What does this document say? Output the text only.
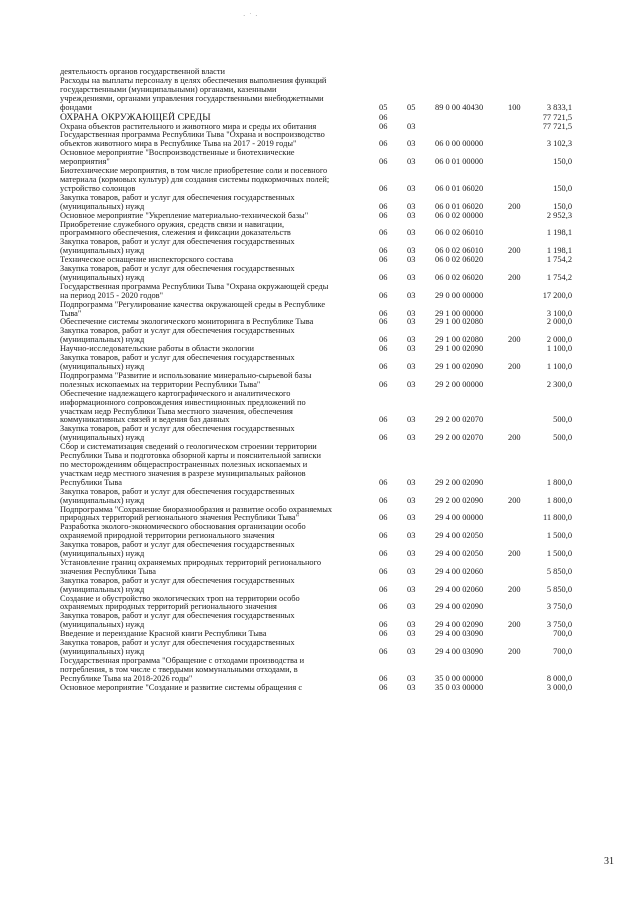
· ˙ ·
деятельность органов государственной власти
Расходы на выплаты персоналу в целях обеспечения выполнения функций
государственными (муниципальными) органами, казенными
учреждениями, органами управления государственными внебюджетными
фондами	05 05 89 0 00 40430	100	3 833,1
ОХРАНА ОКРУЖАЮЩЕЙ СРЕДЫ	06	77 721,5
Охрана объектов растительного и животного мира и среды их обитания	06 03	77 721,5
Государственная программа Республики Тыва "Охрана и воспроизводство
объектов животного мира в Республике Тыва на 2017 - 2019 годы"	06 03 06 0 00 00000	3 102,3
Основное мероприятие "Воспроизводственные и биотехнические
мероприятия"	06 03 06 0 01 00000	150,0
Биотехнические мероприятия, в том числе приобретение соли и посевного
материала (кормовых культур) для создания системы подкормочных полей;
устройство солонцов	06 03 06 0 01 06020	150,0
Закупка товаров, работ и услуг для обеспечения государственных
(муниципальных) нужд	06 03 06 0 01 06020	200	150,0
Основное мероприятие "Укрепление материально-технической базы"	06 03 06 0 02 00000	2 952,3
Приобретение служебного оружия, средств связи и навигации,
программного обеспечения, слежения и фиксации доказательств	06 03 06 0 02 06010	1 198,1
Закупка товаров, работ и услуг для обеспечения государственных
(муниципальных) нужд	06 03 06 0 02 06010	200	1 198,1
Техническое оснащение инспекторского состава	06 03 06 0 02 06020	1 754,2
Закупка товаров, работ и услуг для обеспечения государственных
(муниципальных) нужд	06 03 06 0 02 06020	200	1 754,2
Государственная программа Республики Тыва "Охрана окружающей среды
на период 2015 - 2020 годов"	06 03 29 0 00 00000	17 200,0
Подпрограмма "Регулирование качества окружающей среды в Республике
Тыва"	06 03 29 1 00 00000	3 100,0
Обеспечение системы экологического мониторинга в Республике Тыва	06 03 29 1 00 02080	2 000,0
Закупка товаров, работ и услуг для обеспечения государственных
(муниципальных) нужд	06 03 29 1 00 02080	200	2 000,0
Научно-исследовательские работы в области экологии	06 03 29 1 00 02090	1 100,0
Закупка товаров, работ и услуг для обеспечения государственных
(муниципальных) нужд	06 03 29 1 00 02090	200	1 100,0
Подпрограмма "Развитие и использование минерально-сырьевой базы
полезных ископаемых на территории Республики Тыва"	06 03 29 2 00 00000	2 300,0
Обеспечение надлежащего картографического и аналитического
информационного сопровождения инвестиционных предложений по
участкам недр Республики Тыва местного значения, обеспечения
коммуникативных связей и ведения баз данных	06 03 29 2 00 02070	500,0
Закупка товаров, работ и услуг для обеспечения государственных
(муниципальных) нужд	06 03 29 2 00 02070	200	500,0
Сбор и систематизация сведений о геологическом строении территории
Республики Тыва и подготовка обзорной карты и пояснительной записки
по месторождениям общераспространенных полезных ископаемых и
участкам недр местного значения в разрезе муниципальных районов
Республики Тыва	06 03 29 2 00 02090	1 800,0
Закупка товаров, работ и услуг для обеспечения государственных
(муниципальных) нужд	06 03 29 2 00 02090	200	1 800,0
Подпрограмма "Сохранение биоразнообразия и развитие особо охраняемых
природных территорий регионального значения Республики Тыва"	06 03 29 4 00 00000	11 800,0
Разработка эколого-экономического обоснования организации особо
охраняемой природной территории регионального значения	06 03 29 4 00 02050	1 500,0
Закупка товаров, работ и услуг для обеспечения государственных
(муниципальных) нужд	06 03 29 4 00 02050	200	1 500,0
Установление границ охраняемых природных территорий регионального
значения Республики Тыва	06 03 29 4 00 02060	5 850,0
Закупка товаров, работ и услуг для обеспечения государственных
(муниципальных) нужд	06 03 29 4 00 02060	200	5 850,0
Создание и обустройство экологических троп на территории особо
охраняемых природных территорий регионального значения	06 03 29 4 00 02090	3 750,0
Закупка товаров, работ и услуг для обеспечения государственных
(муниципальных) нужд	06 03 29 4 00 02090	200	3 750,0
Введение и переиздание Красной книги Республики Тыва	06 03 29 4 00 03090	700,0
Закупка товаров, работ и услуг для обеспечения государственных
(муниципальных) нужд	06 03 29 4 00 03090	200	700,0
Государственная программа "Обращение с отходами производства и
потребления, в том числе с твердыми коммунальными отходами, в
Республике Тыва на 2018-2026 годы"	06 03 35 0 00 00000	8 000,0
Основное мероприятие "Создание и развитие системы обращения с	06 03 35 0 03 00000	3 000,0
31
